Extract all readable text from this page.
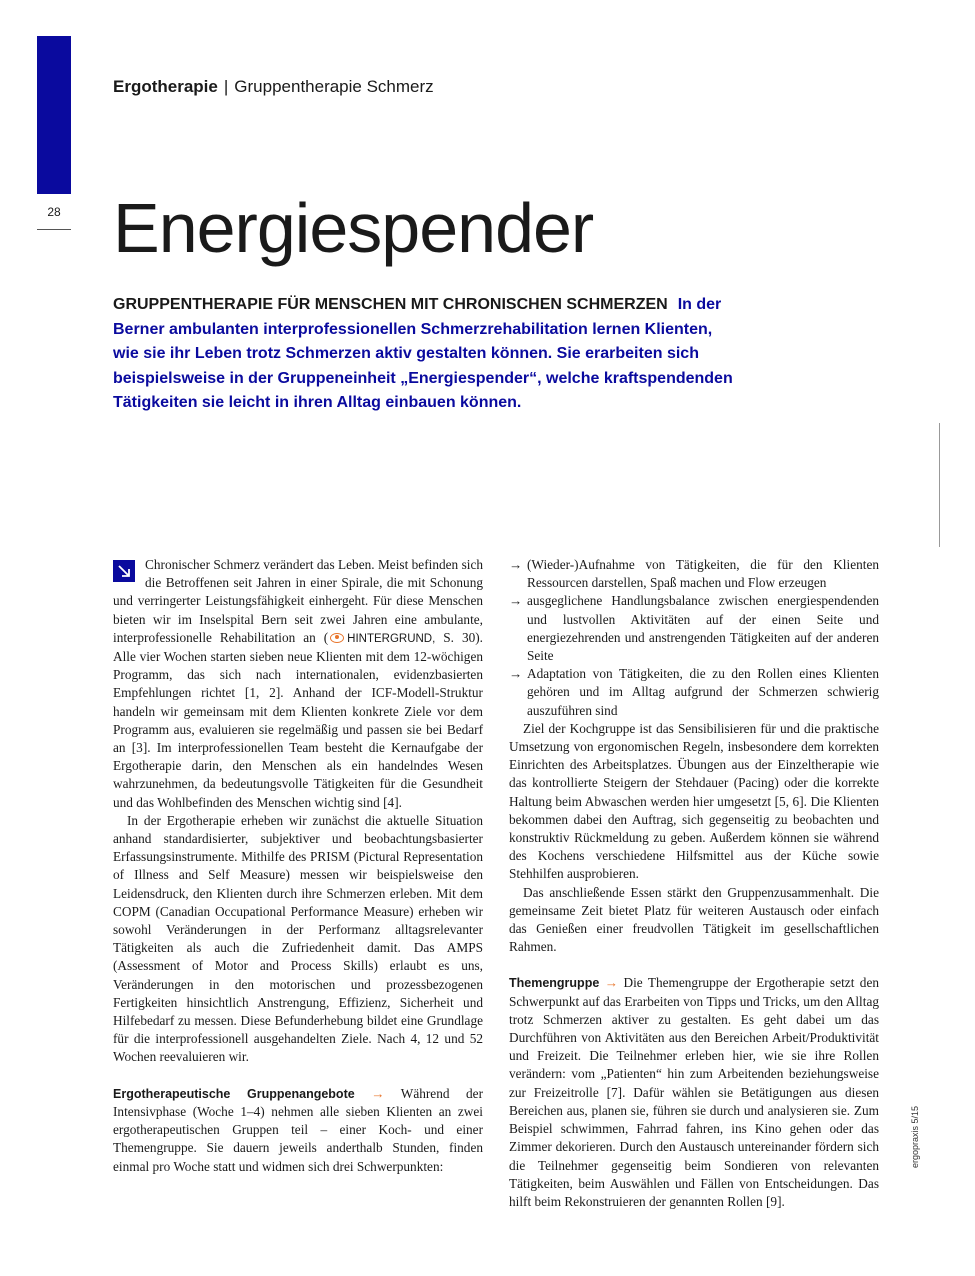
28
Ergotherapie | Gruppentherapie Schmerz
Energiespender
GRUPPENTHERAPIE FÜR MENSCHEN MIT CHRONISCHEN SCHMERZEN In der Berner ambulanten interprofessionellen Schmerzrehabilitation lernen Klienten, wie sie ihr Leben trotz Schmerzen aktiv gestalten können. Sie erarbeiten sich beispielsweise in der Gruppeneinheit „Energiespender“, welche kraftspendenden Tätigkeiten sie leicht in ihren Alltag einbauen können.
ergopraxis 5/15

Chronischer Schmerz verändert das Leben. Meist befinden sich die Betroffenen seit Jahren in einer Spirale, die mit Schonung und verringerter Leistungsfähigkeit einhergeht. Für diese Menschen bieten wir im Inselspital Bern seit zwei Jahren eine ambulante, interprofessionelle Rehabilitation an ( HINTERGRUND, S. 30). Alle vier Wochen starten sieben neue Klienten mit dem 12-wöchigen Programm, das sich nach internationalen, evidenzbasierten Empfehlungen richtet [1, 2]. Anhand der ICF-Modell-Struktur handeln wir gemeinsam mit dem Klienten konkrete Ziele vor dem Programm aus, evaluieren sie regelmäßig und passen sie bei Bedarf an [3]. Im interprofessionellen Team besteht die Kernaufgabe der Ergotherapie darin, den Menschen als ein handelndes Wesen wahrzunehmen, da bedeutungsvolle Tätigkeiten für die Gesundheit und das Wohlbefinden des Menschen wichtig sind [4].

In der Ergotherapie erheben wir zunächst die aktuelle Situation anhand standardisierter, subjektiver und beobachtungsbasierter Erfassungsinstrumente. Mithilfe des PRISM (Pictural Representation of Illness and Self Measure) messen wir beispielsweise den Leidensdruck, den Klienten durch ihre Schmerzen erleben. Mit dem COPM (Canadian Occupational Performance Measure) erheben wir sowohl Veränderungen in der Performanz alltagsrelevanter Tätigkeiten als auch die Zufriedenheit damit. Das AMPS (Assessment of Motor and Process Skills) erlaubt es uns, Veränderungen in den motorischen und prozessbezogenen Fertigkeiten hinsichtlich Anstrengung, Effizienz, Sicherheit und Hilfebedarf zu messen. Diese Befunderhebung bildet eine Grundlage für die interprofessionell ausgehandelten Ziele. Nach 4, 12 und 52 Wochen reevaluieren wir.

Ergotherapeutische Gruppenangebote → Während der Intensivphase (Woche 1–4) nehmen alle sieben Klienten an zwei ergotherapeutischen Gruppen teil – einer Koch- und einer Themengruppe. Sie dauern jeweils anderthalb Stunden, finden einmal pro Woche statt und widmen sich drei Schwerpunkten:

→ (Wieder-)Aufnahme von Tätigkeiten, die für den Klienten Ressourcen darstellen, Spaß machen und Flow erzeugen
→ ausgeglichene Handlungsbalance zwischen energiespendenden und lustvollen Aktivitäten auf der einen Seite und energiezehrenden und anstrengenden Tätigkeiten auf der anderen Seite
→ Adaptation von Tätigkeiten, die zu den Rollen eines Klienten gehören und im Alltag aufgrund der Schmerzen schwierig auszuführen sind

Ziel der Kochgruppe ist das Sensibilisieren für und die praktische Umsetzung von ergonomischen Regeln, insbesondere dem korrekten Einrichten des Arbeitsplatzes. Übungen aus der Einzeltherapie wie das kontrollierte Steigern der Stehdauer (Pacing) oder die korrekte Haltung beim Abwaschen werden hier umgesetzt [5, 6]. Die Klienten bekommen dabei den Auftrag, sich gegenseitig zu beobachten und konstruktiv Rückmeldung zu geben. Außerdem können sie während des Kochens verschiedene Hilfsmittel aus der Küche sowie Stehhilfen ausprobieren.

Das anschließende Essen stärkt den Gruppenzusammenhalt. Die gemeinsame Zeit bietet Platz für weiteren Austausch oder einfach das Genießen einer freudvollen Tätigkeit im gesellschaftlichen Rahmen.

Themengruppe → Die Themengruppe der Ergotherapie setzt den Schwerpunkt auf das Erarbeiten von Tipps und Tricks, um den Alltag trotz Schmerzen aktiver zu gestalten. Es geht dabei um das Durchführen von Aktivitäten aus den Bereichen Arbeit/Produktivität und Freizeit. Die Teilnehmer erleben hier, wie sie ihre Rollen verändern: vom „Patienten“ hin zum Arbeitenden beziehungsweise zur Freizeitrolle [7]. Dafür wählen sie Betätigungen aus diesen Bereichen aus, planen sie, führen sie durch und analysieren sie. Zum Beispiel schwimmen, Fahrrad fahren, ins Kino gehen oder das Zimmer dekorieren. Durch den Austausch untereinander fördern sich die Teilnehmer gegenseitig beim Sondieren von relevanten Tätigkeiten, beim Auswählen und Fällen von Entscheidungen. Das hilft beim Rekonstruieren der genannten Rollen [9].
